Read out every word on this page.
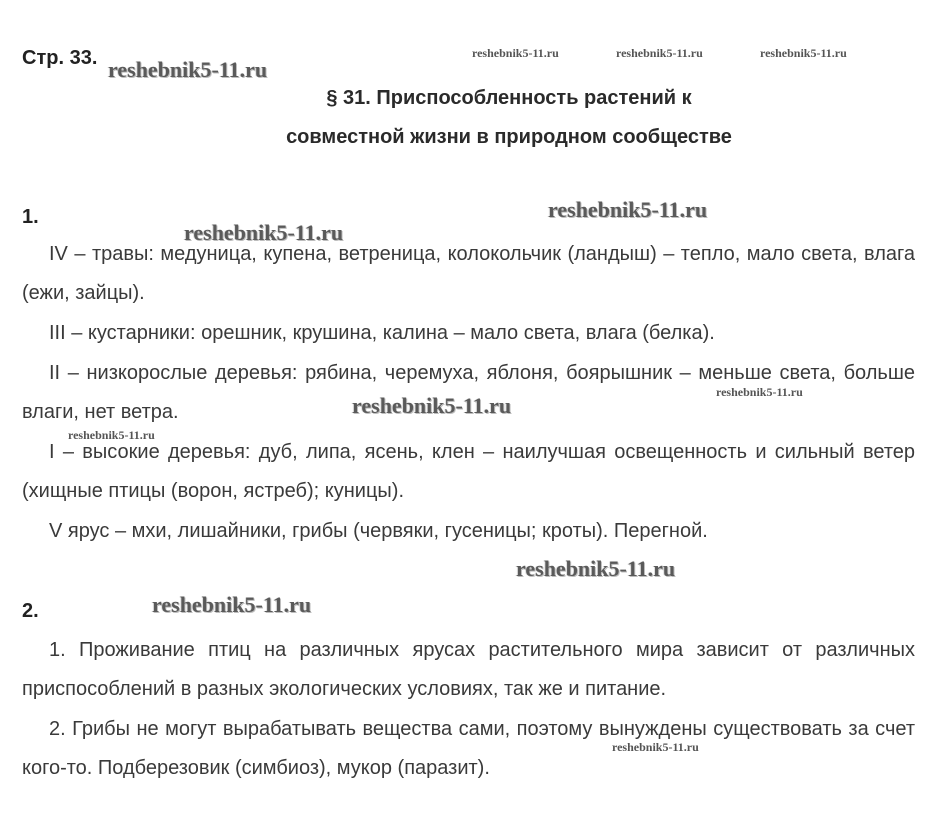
Стр. 33.
§ 31. Приспособленность растений к
совместной жизни в природном сообществе
1.
IV – травы: медуница, купена, ветреница, колокольчик (ландыш) – тепло, мало света, влага (ежи, зайцы).
III – кустарники: орешник, крушина, калина – мало света, влага (белка).
II – низкорослые деревья: рябина, черемуха, яблоня, боярышник – меньше света, больше влаги, нет ветра.
I – высокие деревья: дуб, липа, ясень, клен – наилучшая освещенность и сильный ветер (хищные птицы (ворон, ястреб); куницы).
V ярус – мхи, лишайники, грибы (червяки, гусеницы; кроты). Перегной.
2.
1. Проживание птиц на различных ярусах растительного мира зависит от различных приспособлений в разных экологических условиях, так же и питание.
2. Грибы не могут вырабатывать вещества сами, поэтому вынуждены существовать за счет кого-то. Подберезовик (симбиоз), мукор (паразит).
reshebnik5-11.ru	reshebnik5-11.ru	reshebnik5-11.ru
reshebnik5-11.ru
reshebnik5-11.ru
reshebnik5-11.ru
reshebnik5-11.ru
reshebnik5-11.ru
reshebnik5-11.ru
reshebnik5-11.ru
reshebnik5-11.ru
reshebnik5-11.ru
